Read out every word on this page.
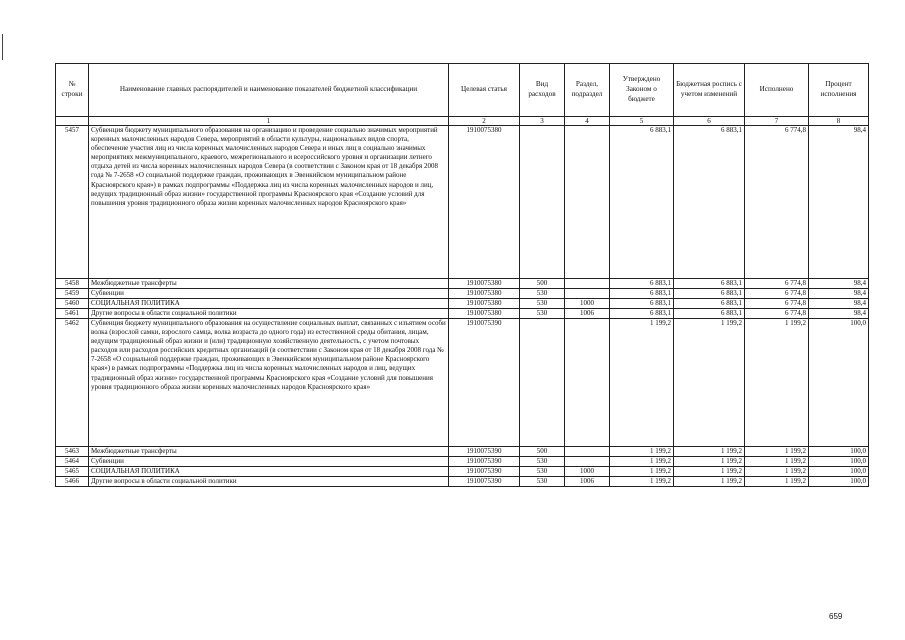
№ строки	Наименование главных распорядителей и наименование показателей бюджетной классификации	Целевая статья	Вид расходов	Раздел, подраздел	Утверждено Законом о бюджете	Бюджетная роспись с учетом изменений	Исполнено	Процент исполнения
	1	2	3	4	5	6	7	8
5457	Субвенция бюджету муниципального образования на организацию и проведение социально значимых мероприятий коренных малочисленных народов Севера, мероприятий в области культуры, национальных видов спорта, обеспечение участия лиц из числа коренных малочисленных народов Севера и иных лиц в социально значимых мероприятиях межмуниципального, краевого, межрегионального и всероссийского уровня и организации летнего отдыха детей из числа коренных малочисленных народов Севера (в соответствии с Законом края от 18 декабря 2008 года № 7-2658 «О социальной поддержке граждан, проживающих в Эвенкийском муниципальном районе Красноярского края») в рамках подпрограммы «Поддержка лиц из числа коренных малочисленных народов и лиц, ведущих традиционный образ жизни» государственной программы Красноярского края «Создание условий для повышения уровня традиционного образа жизни коренных малочисленных народов Красноярского края»	1910075380			6 883,1	6 883,1	6 774,8	98,4
5458	Межбюджетные трансферты	1910075380	500		6 883,1	6 883,1	6 774,8	98,4
5459	Субвенции	1910075380	530		6 883,1	6 883,1	6 774,8	98,4
5460	СОЦИАЛЬНАЯ ПОЛИТИКА	1910075380	530	1000	6 883,1	6 883,1	6 774,8	98,4
5461	Другие вопросы в области социальной политики	1910075380	530	1006	6 883,1	6 883,1	6 774,8	98,4
5462	Субвенция бюджету муниципального образования на осуществление социальных выплат, связанных с изъятием особи волка (взрослой самки, взрослого самца, волка возраста до одного года) из естественной среды обитания, лицам, ведущим традиционный образ жизни и (или) традиционную хозяйственную деятельность, с учетом почтовых расходов или расходов российских кредитных организаций (в соответствии с Законом края от 18 декабря 2008 года № 7-2658 «О социальной поддержке граждан, проживающих в Эвенкийском муниципальном районе Красноярского края») в рамках подпрограммы «Поддержка лиц из числа коренных малочисленных народов и лиц, ведущих традиционный образ жизни» государственной программы Красноярского края «Создание условий для повышения уровня традиционного образа жизни коренных малочисленных народов Красноярского края»	1910075390			1 199,2	1 199,2	1 199,2	100,0
5463	Межбюджетные трансферты	1910075390	500		1 199,2	1 199,2	1 199,2	100,0
5464	Субвенции	1910075390	530		1 199,2	1 199,2	1 199,2	100,0
5465	СОЦИАЛЬНАЯ ПОЛИТИКА	1910075390	530	1000	1 199,2	1 199,2	1 199,2	100,0
5466	Другие вопросы в области социальной политики	1910075390	530	1006	1 199,2	1 199,2	1 199,2	100,0
659
